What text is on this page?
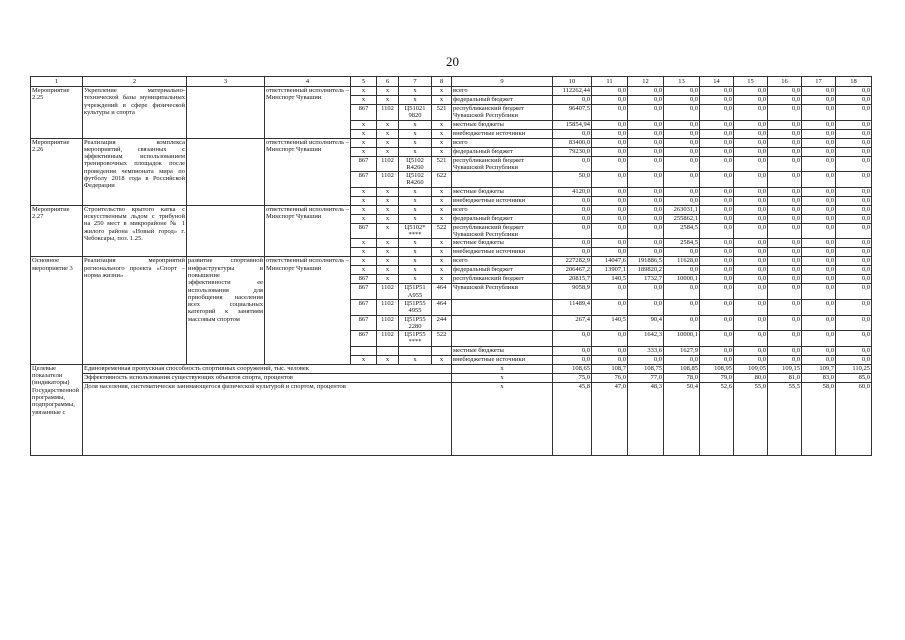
20
1	2	3	4	5	6	7	8	9	10	11	12	13	14	15	16	17	18
Мероприятие 2.25	Укрепление материально-технической базы муниципальных учреждений в сфере физической культуры и спорта		ответственный исполнитель – Минспорт Чувашии	x	x	x	x	всего	112262,44	0,0	0,0	0,0	0,0	0,0	0,0	0,0	0,0
				x	x	x	x	федеральный бюджет	0,0	0,0	0,0	0,0	0,0	0,0	0,0	0,0	0,0
				867	1102	Ц51021 9820	521	республиканский бюджет Чувашской Республики	96407,5	0,0	0,0	0,0	0,0	0,0	0,0	0,0	0,0
				x	x	x	x	местные бюджеты	15854,94	0,0	0,0	0,0	0,0	0,0	0,0	0,0	0,0
				x	x	x	x	внебюджетные источники	0,0	0,0	0,0	0,0	0,0	0,0	0,0	0,0	0,0
Мероприятие 2.26	Реализация комплекса мероприятий, связанных с эффективным использованием тренировочных площадок после проведения чемпионата мира по футболу 2018 года в Российской Федерации		ответственный исполнитель – Минспорт Чувашии	x	x	x	x	всего	83400,0	0,0	0,0	0,0	0,0	0,0	0,0	0,0	0,0
				x	x	x	x	федеральный бюджет	79230,0	0,0	0,0	0,0	0,0	0,0	0,0	0,0	0,0
				867	1102	Ц5102 R4260	521	республиканский бюджет Чувашской Республики	0,0	0,0	0,0	0,0	0,0	0,0	0,0	0,0	0,0
				867	1102	Ц5102 R4260	622		50,0	0,0	0,0	0,0	0,0	0,0	0,0	0,0	0,0
				x	x	x	x	местные бюджеты	4120,0	0,0	0,0	0,0	0,0	0,0	0,0	0,0	0,0
				x	x	x	x	внебюджетные источники	0,0	0,0	0,0	0,0	0,0	0,0	0,0	0,0	0,0
Мероприятие 2.27	Строительство крытого катка с искусственным льдом с трибуной на 250 мест в микрорайоне № 1 жилого района «Новый город» г. Чебоксары, поз. 1.25.		ответственный исполнитель – Минспорт Чувашии	x	x	x	x	всего	0,0	0,0	0,0	263031,1	0,0	0,0	0,0	0,0	0,0
				x	x	x	x	федеральный бюджет	0,0	0,0	0,0	255862,1	0,0	0,0	0,0	0,0	0,0
				867	x	Ц5102* ****	522	республиканский бюджет Чувашской Республики	0,0	0,0	0,0	2584,5	0,0	0,0	0,0	0,0	0,0
				x	x	x	x	местные бюджеты	0,0	0,0	0,0	2584,5	0,0	0,0	0,0	0,0	0,0
				x	x	x	x	внебюджетные источники	0,0	0,0	0,0	0,0	0,0	0,0	0,0	0,0	0,0
Основное мероприятие 3	Реализация мероприятий регионального проекта «Спорт – норма жизни»	развитие спортивной инфраструктуры и повышение эффективности ее использования для приобщения населения всех социальных категорий к занятиям массовым спортом	ответственный исполнитель – Минспорт Чувашии	x	x	x	x	всего	227282,9	14047,6	191886,5	11628,0	0,0	0,0	0,0	0,0	0,0
				x	x	x	x	федеральный бюджет	206467,2	13907,1	189820,2	0,0	0,0	0,0	0,0	0,0	0,0
				867	x	x	x	республиканский бюджет	20815,7	140,5	1732,7	10000,1	0,0	0,0	0,0	0,0	0,0
				867	1102	Ц51Р51 А955	464	Чувашской Республики	9058,9	0,0	0,0	0,0	0,0	0,0	0,0	0,0	0,0
				867	1102	Ц51Р55 4955	464		11489,4	0,0	0,0	0,0	0,0	0,0	0,0	0,0	0,0
				867	1102	Ц51Р55 2280	244		267,4	140,5	90,4	0,0	0,0	0,0	0,0	0,0	0,0
				867	1102	Ц51Р55 ****	522		0,0	0,0	1642,3	10000,1	0,0	0,0	0,0	0,0	0,0
								местные бюджеты	0,0	0,0	333,6	1627,9	0,0	0,0	0,0	0,0	0,0
				x	x	x	x	внебюджетные источники	0,0	0,0	0,0	0,0	0,0	0,0	0,0	0,0	0,0
Целевые показатели (индикаторы) Государственной программы, подпрограммы, увязанные с	Единовременная пропускная способность спортивных сооружений, тыс. человек							x	108,65	108,7	108,75	108,85	108,95	109,05	109,15	109,7	110,25
	Эффективность использования существующих объектов спорта, процентов							x	75,0	76,0	77,0	78,0	79,0	80,0	81,0	83,0	85,0
	Доля населения, систематически занимающегося физической культурой и спортом, процентов							x	45,8	47,0	48,3	50,4	52,6	55,0	55,5	58,0	60,0
